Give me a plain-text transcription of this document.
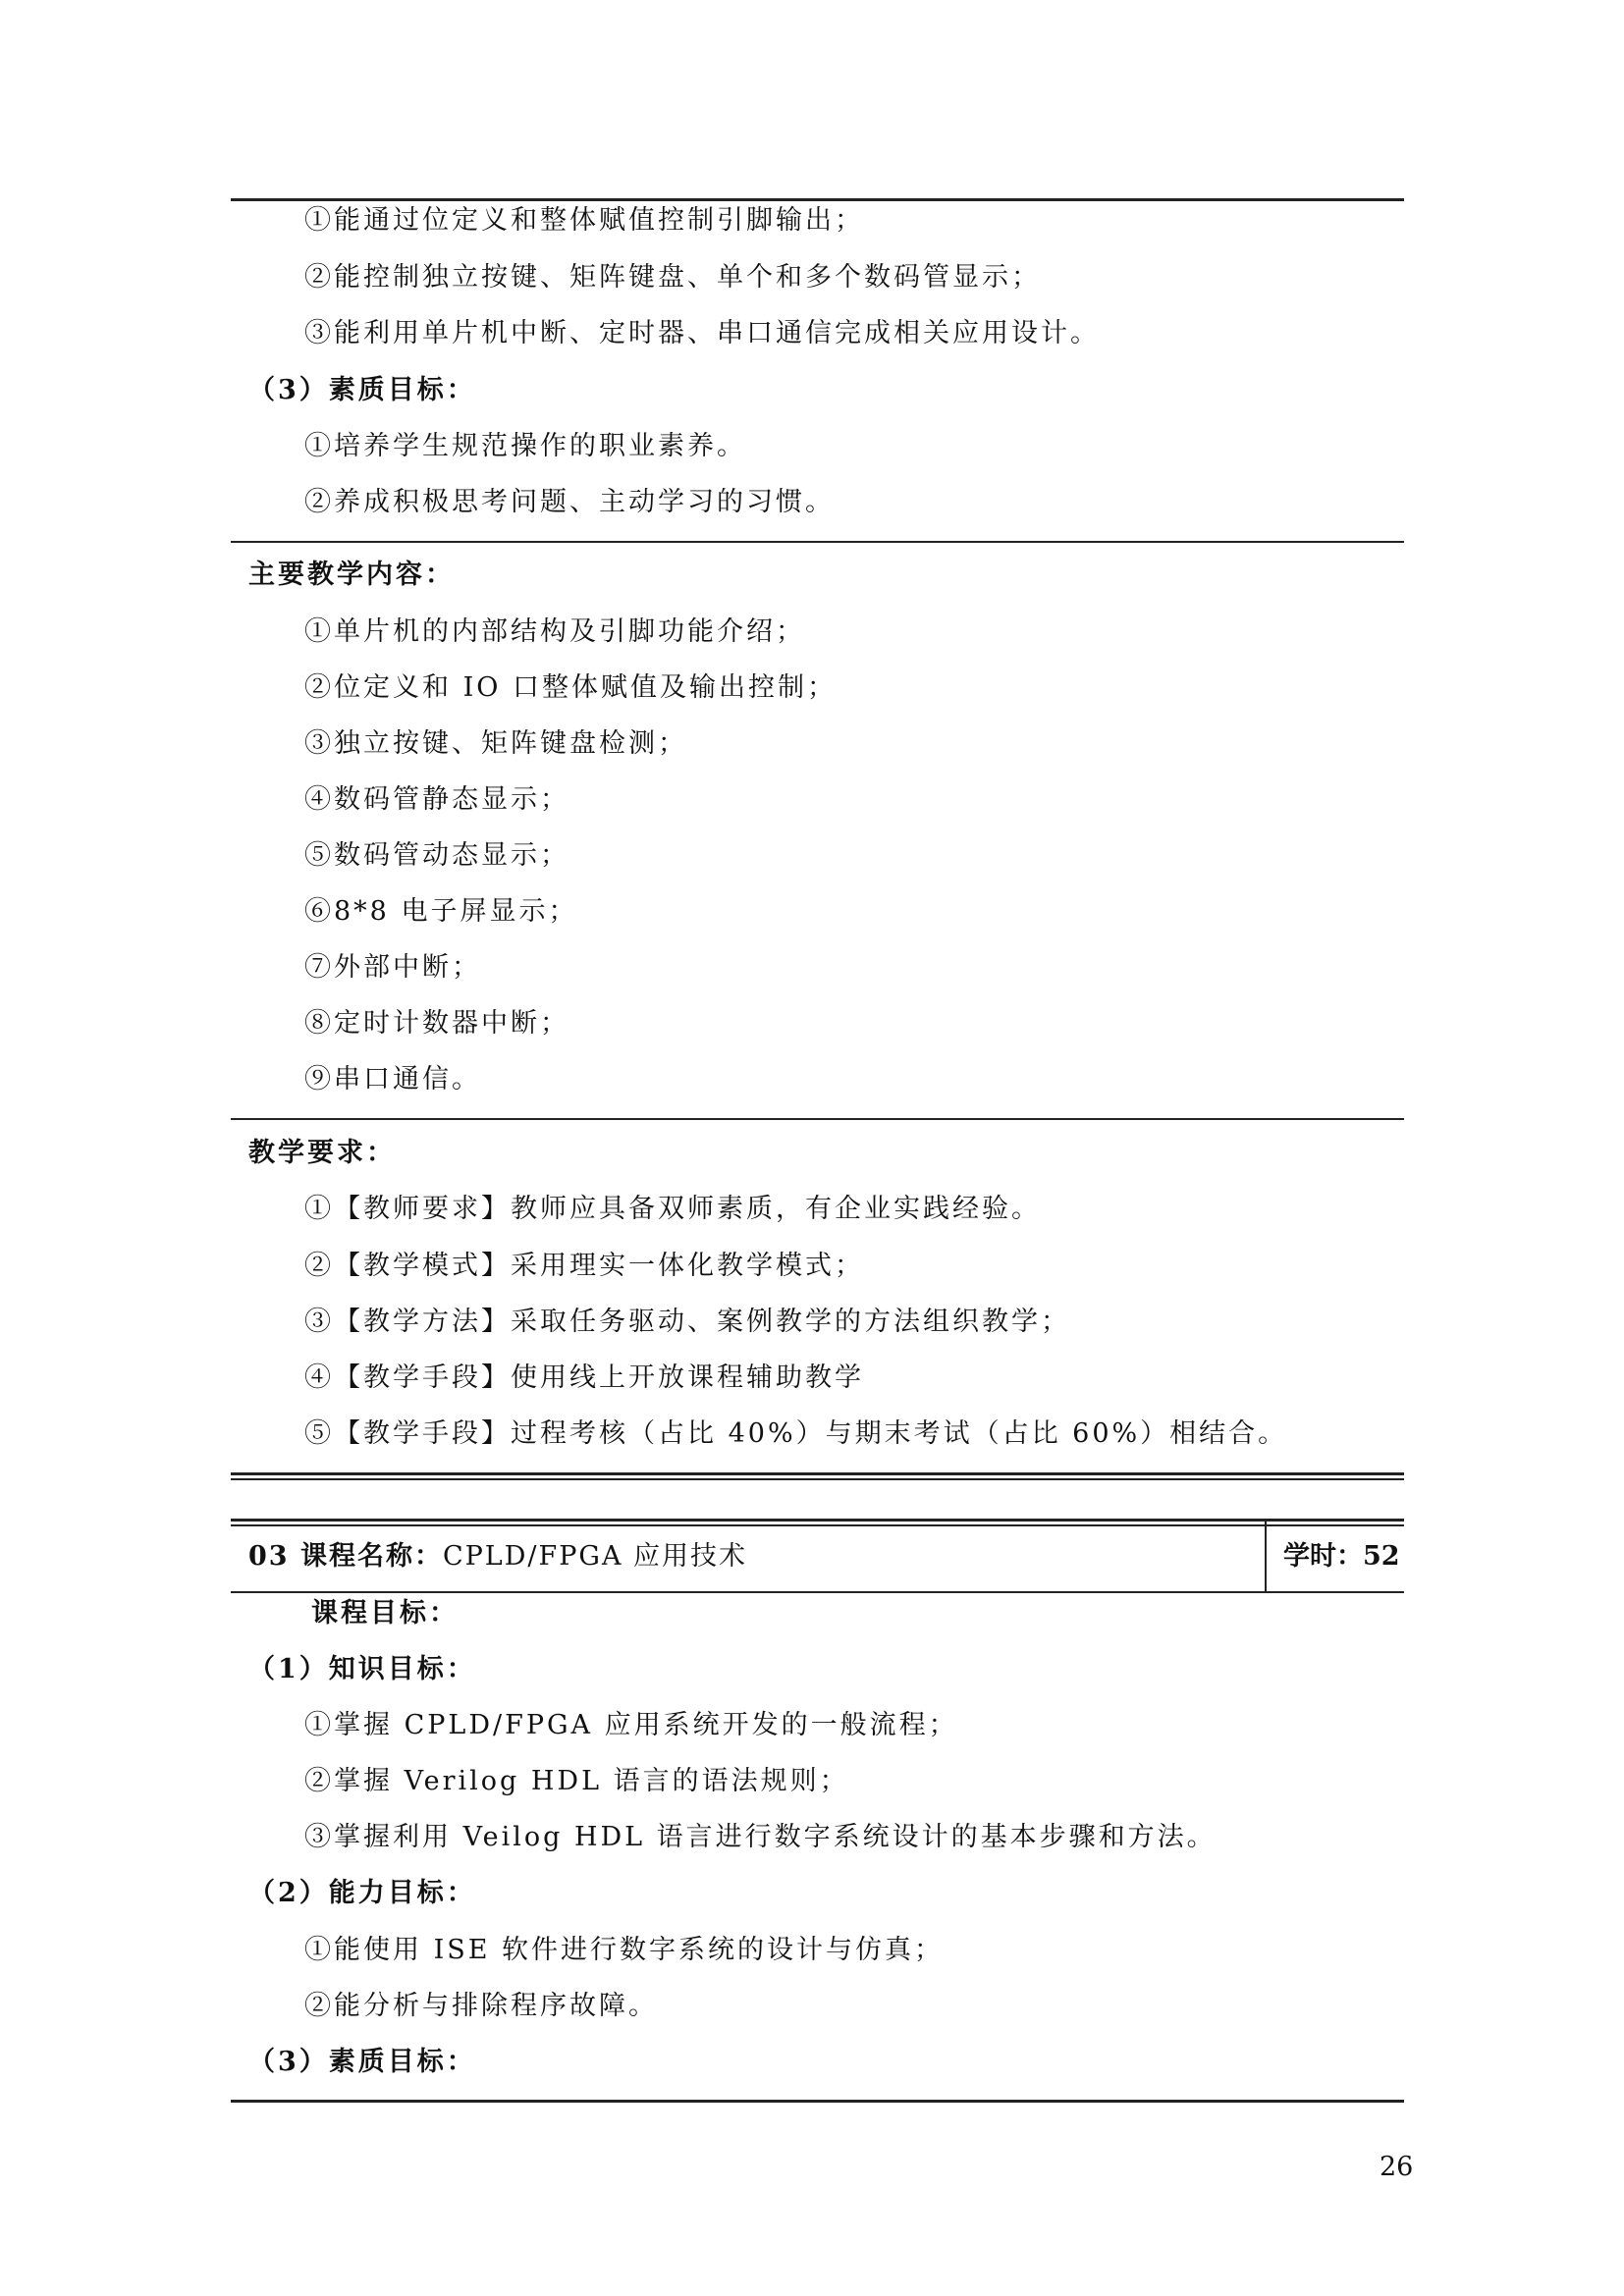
①能通过位定义和整体赋值控制引脚输出；
②能控制独立按键、矩阵键盘、单个和多个数码管显示；
③能利用单片机中断、定时器、串口通信完成相关应用设计。
（3）素质目标：
①培养学生规范操作的职业素养。
②养成积极思考问题、主动学习的习惯。
主要教学内容：
①单片机的内部结构及引脚功能介绍；
②位定义和 IO 口整体赋值及输出控制；
③独立按键、矩阵键盘检测；
④数码管静态显示；
⑤数码管动态显示；
⑥8*8 电子屏显示；
⑦外部中断；
⑧定时计数器中断；
⑨串口通信。
教学要求：
①【教师要求】教师应具备双师素质，有企业实践经验。
②【教学模式】采用理实一体化教学模式；
③【教学方法】采取任务驱动、案例教学的方法组织教学；
④【教学手段】使用线上开放课程辅助教学
⑤【教学手段】过程考核（占比 40%）与期末考试（占比 60%）相结合。
03 课程名称：CPLD/FPGA 应用技术	学时：52
课程目标：
（1）知识目标：
①掌握 CPLD/FPGA 应用系统开发的一般流程；
②掌握 Verilog HDL 语言的语法规则；
③掌握利用 Veilog HDL 语言进行数字系统设计的基本步骤和方法。
（2）能力目标：
①能使用 ISE 软件进行数字系统的设计与仿真；
②能分析与排除程序故障。
（3）素质目标：
26
